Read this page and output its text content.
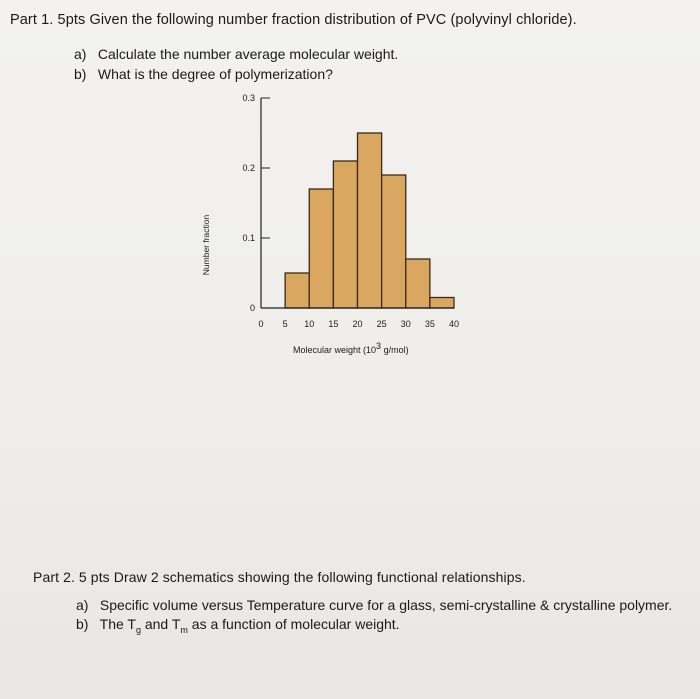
Part 1. 5pts Given the following number fraction distribution of PVC (polyvinyl chloride).
a) Calculate the number average molecular weight.
b) What is the degree of polymerization?
0
0.1
0.2
0.3
0 5 10 15 20 25 30 35 40
Number fraction
Molecular weight ($10^3$ g/mol)
Part 2. 5 pts Draw 2 schematics showing the following functional relationships.
a) Specific volume versus Temperature curve for a glass, semi-crystalline & crystalline polymer.
b) The $T_g$ and $T_m$ as a function of molecular weight.
